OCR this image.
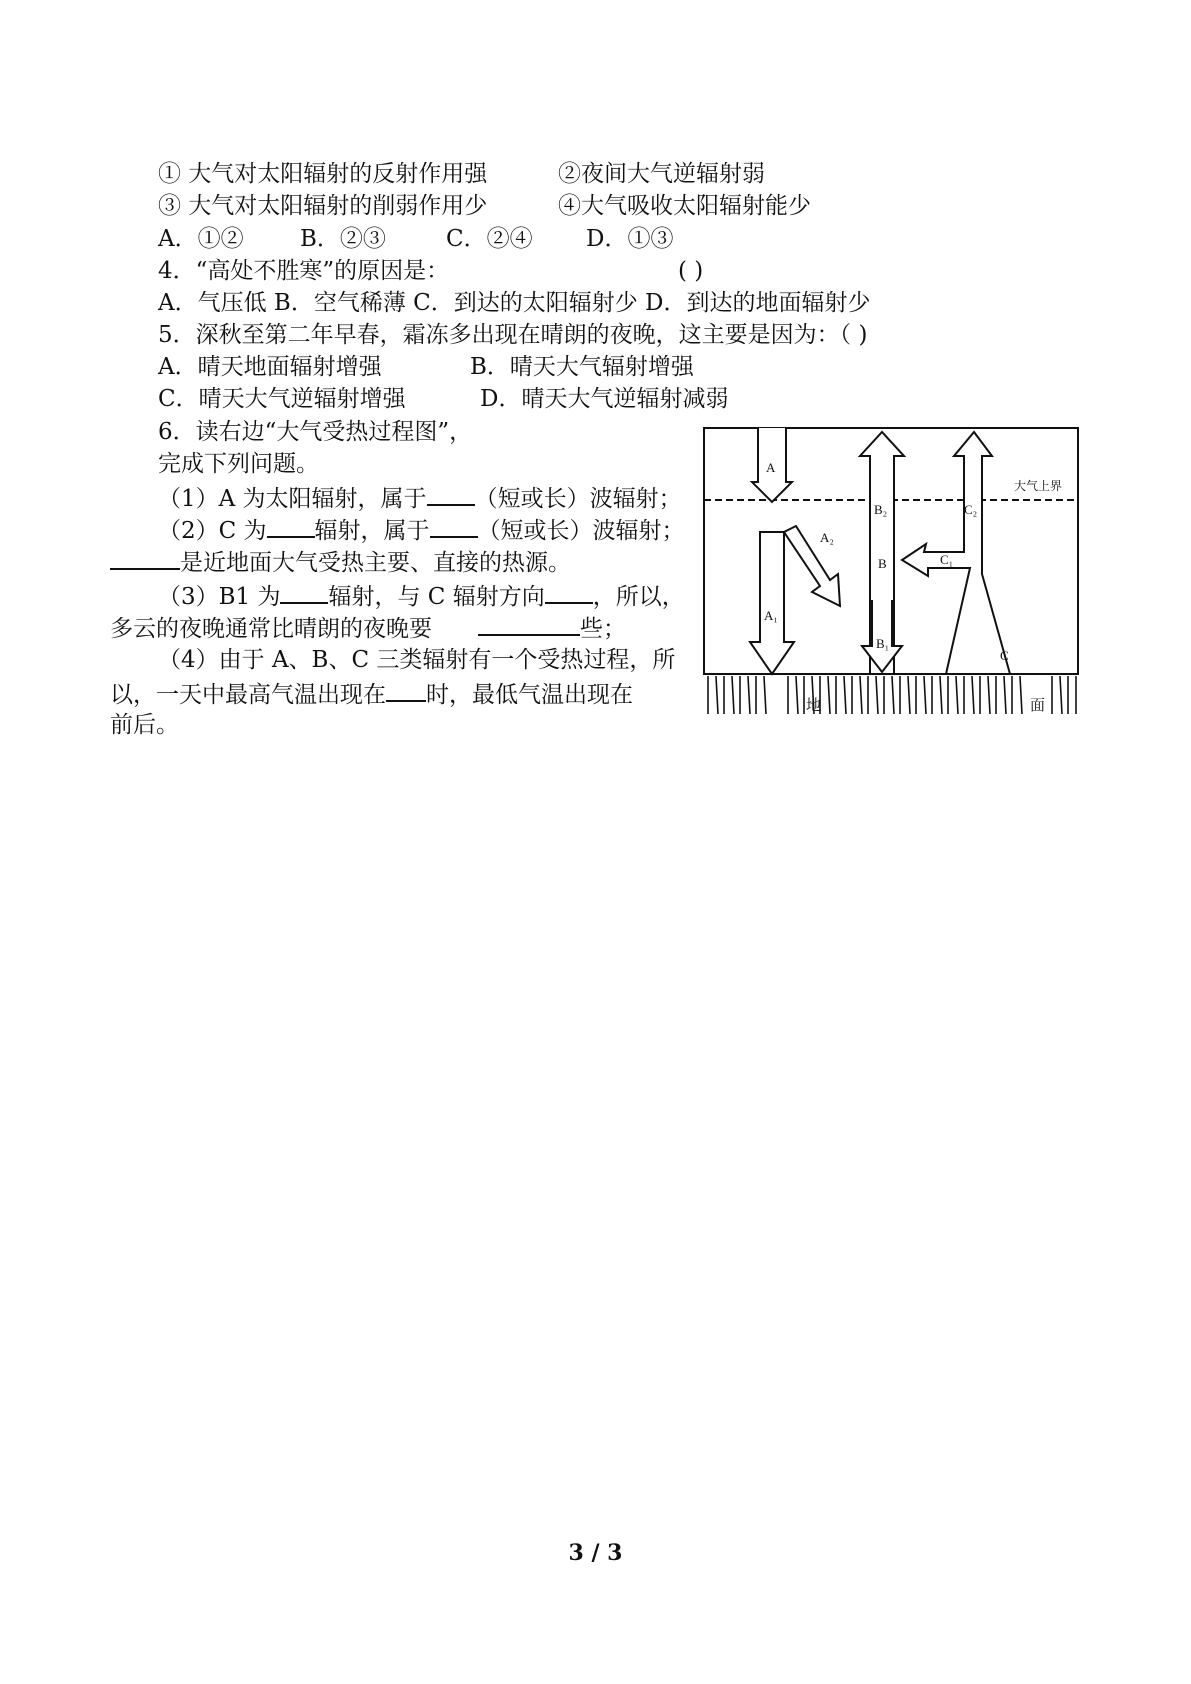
① 大气对太阳辐射的反射作用强	②夜间大气逆辐射弱
③ 大气对太阳辐射的削弱作用少	④大气吸收太阳辐射能少
A．①② B．②③	C．②④ D．①③
4．“高处不胜寒”的原因是：	( )
A．气压低 B．空气稀薄 C．到达的太阳辐射少 D．到达的地面辐射少
5．深秋至第二年早春，霜冻多出现在晴朗的夜晚，这主要是因为：（ )
A．晴天地面辐射增强	B．晴天大气辐射增强
C．晴天大气逆辐射增强	D．晴天大气逆辐射减弱
6．读右边“大气受热过程图”，
完成下列问题。
（1）A 为太阳辐射，属于 （短或长）波辐射；
（2）C 为 辐射，属于 （短或长）波辐射；
是近地面大气受热主要、直接的热源。
（3）B1 为 辐射，与 C 辐射方向 ，所以，
多云的夜晚通常比晴朗的夜晚要	些；
（4）由于 A、B、C 三类辐射有一个受热过程，所
以，一天中最高气温出现在 时，最低气温出现在
前后。
A
A₁
A₂
B
B₁
B₂
C
C₁
C₂
大气上界
地	面
3 / 3
